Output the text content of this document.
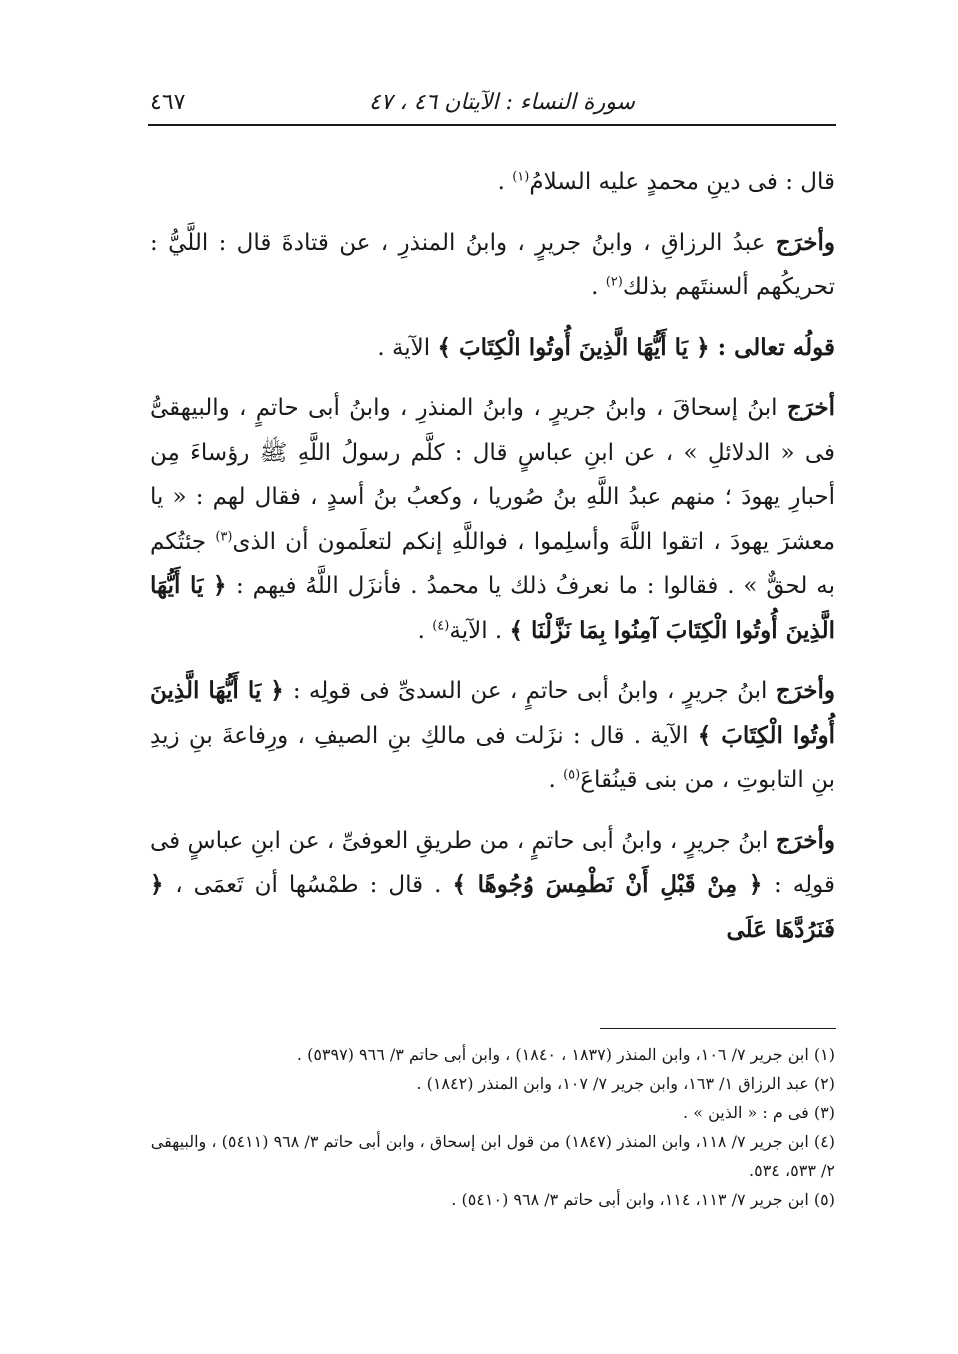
سورة النساء : الآيتان ٤٦ ، ٤٧
٤٦٧

قال : فى دينِ محمدٍ عليه السلامُ$^{(١)}$ .

وأخرَج عبدُ الرزاقِ ، وابنُ جريرٍ ، وابنُ المنذرِ ، عن قتادةَ قال : اللَّيُّ : تحريكُهم ألسنتَهم بذلك$^{(٢)}$ .

قولُه تعالى : ﴿ يَا أَيُّهَا الَّذِينَ أُوتُوا الْكِتَابَ ﴾ الآية .

أخرَج ابنُ إسحاقَ ، وابنُ جريرٍ ، وابنُ المنذرِ ، وابنُ أبى حاتمٍ ، والبيهقىُّ فى « الدلائلِ » ، عن ابنِ عباسٍ قال : كلَّم رسولُ اللَّهِ ﷺ رؤساءَ مِن أحبارِ يهودَ ؛ منهم عبدُ اللَّهِ بنُ صُوريا ، وكعبُ بنُ أسدٍ ، فقال لهم : « يا معشرَ يهودَ ، اتقوا اللَّهَ وأسلِموا ، فواللَّهِ إنكم لتعلَمون أن الذى$^{(٣)}$ جئتُكم به لحقٌّ » . فقالوا : ما نعرفُ ذلك يا محمدُ . فأنزَل اللَّهُ فيهم : ﴿ يَا أَيُّهَا الَّذِينَ أُوتُوا الْكِتَابَ آمِنُوا بِمَا نَزَّلْنَا ﴾ . الآية$^{(٤)}$ .

وأخرَج ابنُ جريرٍ ، وابنُ أبى حاتمٍ ، عن السدىِّ فى قولِه : ﴿ يَا أَيُّهَا الَّذِينَ أُوتُوا الْكِتَابَ ﴾ الآية . قال : نزَلت فى مالكِ بنِ الصيفِ ، ورِفاعةَ بنِ زيدِ بنِ التابوتِ ، من بنى قينُقاعَ$^{(٥)}$ .

وأخرَج ابنُ جريرٍ ، وابنُ أبى حاتمٍ ، من طريقِ العوفىِّ ، عن ابنِ عباسٍ فى قولِه : ﴿ مِنْ قَبْلِ أَنْ نَطْمِسَ وُجُوهًا ﴾ . قال : طمْسُها أن تَعمَى ، ﴿ فَنَرُدَّهَا عَلَى

(١) ابن جرير ٧/ ١٠٦، وابن المنذر (١٨٣٧ ، ١٨٤٠) ، وابن أبى حاتم ٣/ ٩٦٦ (٥٣٩٧) .

(٢) عبد الرزاق ١/ ١٦٣، وابن جرير ٧/ ١٠٧، وابن المنذر (١٨٤٢) .

(٣) فى م : « الذين » .

(٤) ابن جرير ٧/ ١١٨، وابن المنذر (١٨٤٧) من قول ابن إسحاق ، وابن أبى حاتم ٣/ ٩٦٨ (٥٤١١) ، والبيهقى ٢/ ٥٣٣، ٥٣٤.

(٥) ابن جرير ٧/ ١١٣، ١١٤، وابن أبى حاتم ٣/ ٩٦٨ (٥٤١٠) .
